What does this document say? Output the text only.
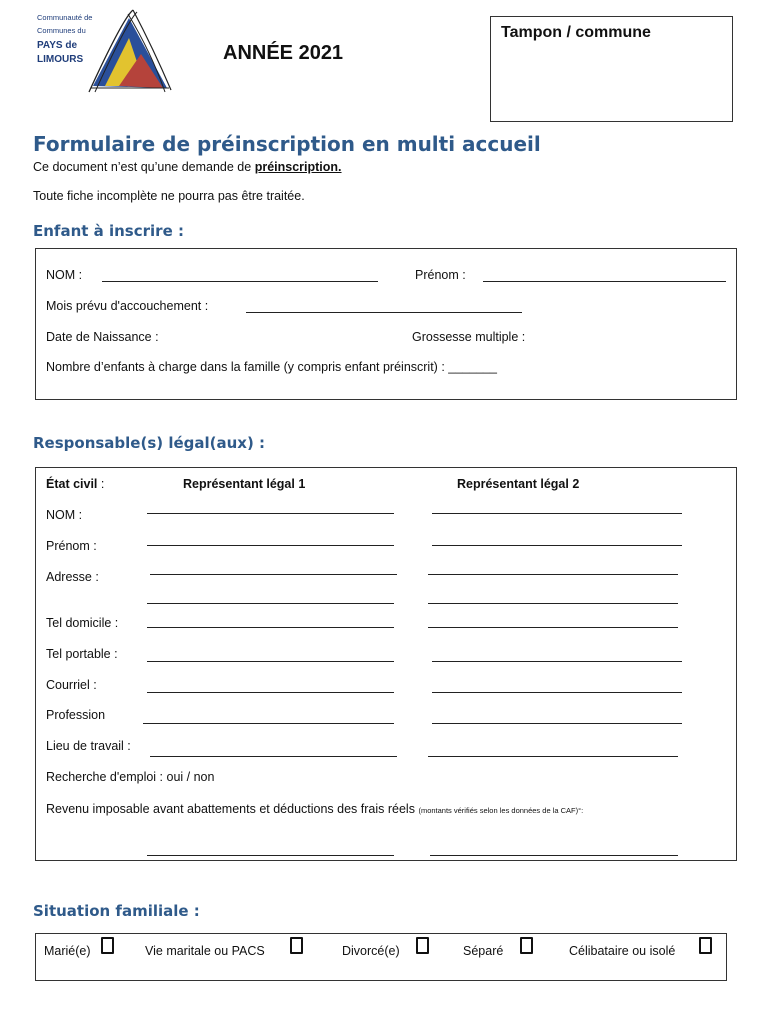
Communauté de
Communes du
PAYS de
LIMOURS	ANNÉE 2021
Tampon / commune
Formulaire de préinscription en multi accueil
Ce document n’est qu’une demande de préinscription.
Toute fiche incomplète ne pourra pas être traitée.
Enfant à inscrire :
NOM :	Prénom :
Mois prévu d'accouchement :
Date de Naissance :	Grossesse multiple :
Nombre d’enfants à charge dans la famille (y compris enfant préinscrit) : _______
Responsable(s) légal(aux) :
État civil :	Représentant légal 1	Représentant légal 2
NOM :
Prénom :
Adresse :
Tel domicile :
Tel portable :
Courriel :
Profession
Lieu de travail :
Recherche d'emploi : oui / non
Revenu imposable avant abattements et déductions des frais réels (montants vérifiés selon les données de la CAF)°:
Situation familiale :
Marié(e)	Vie maritale ou PACS	Divorcé(e)	Séparé	Célibataire ou isolé
